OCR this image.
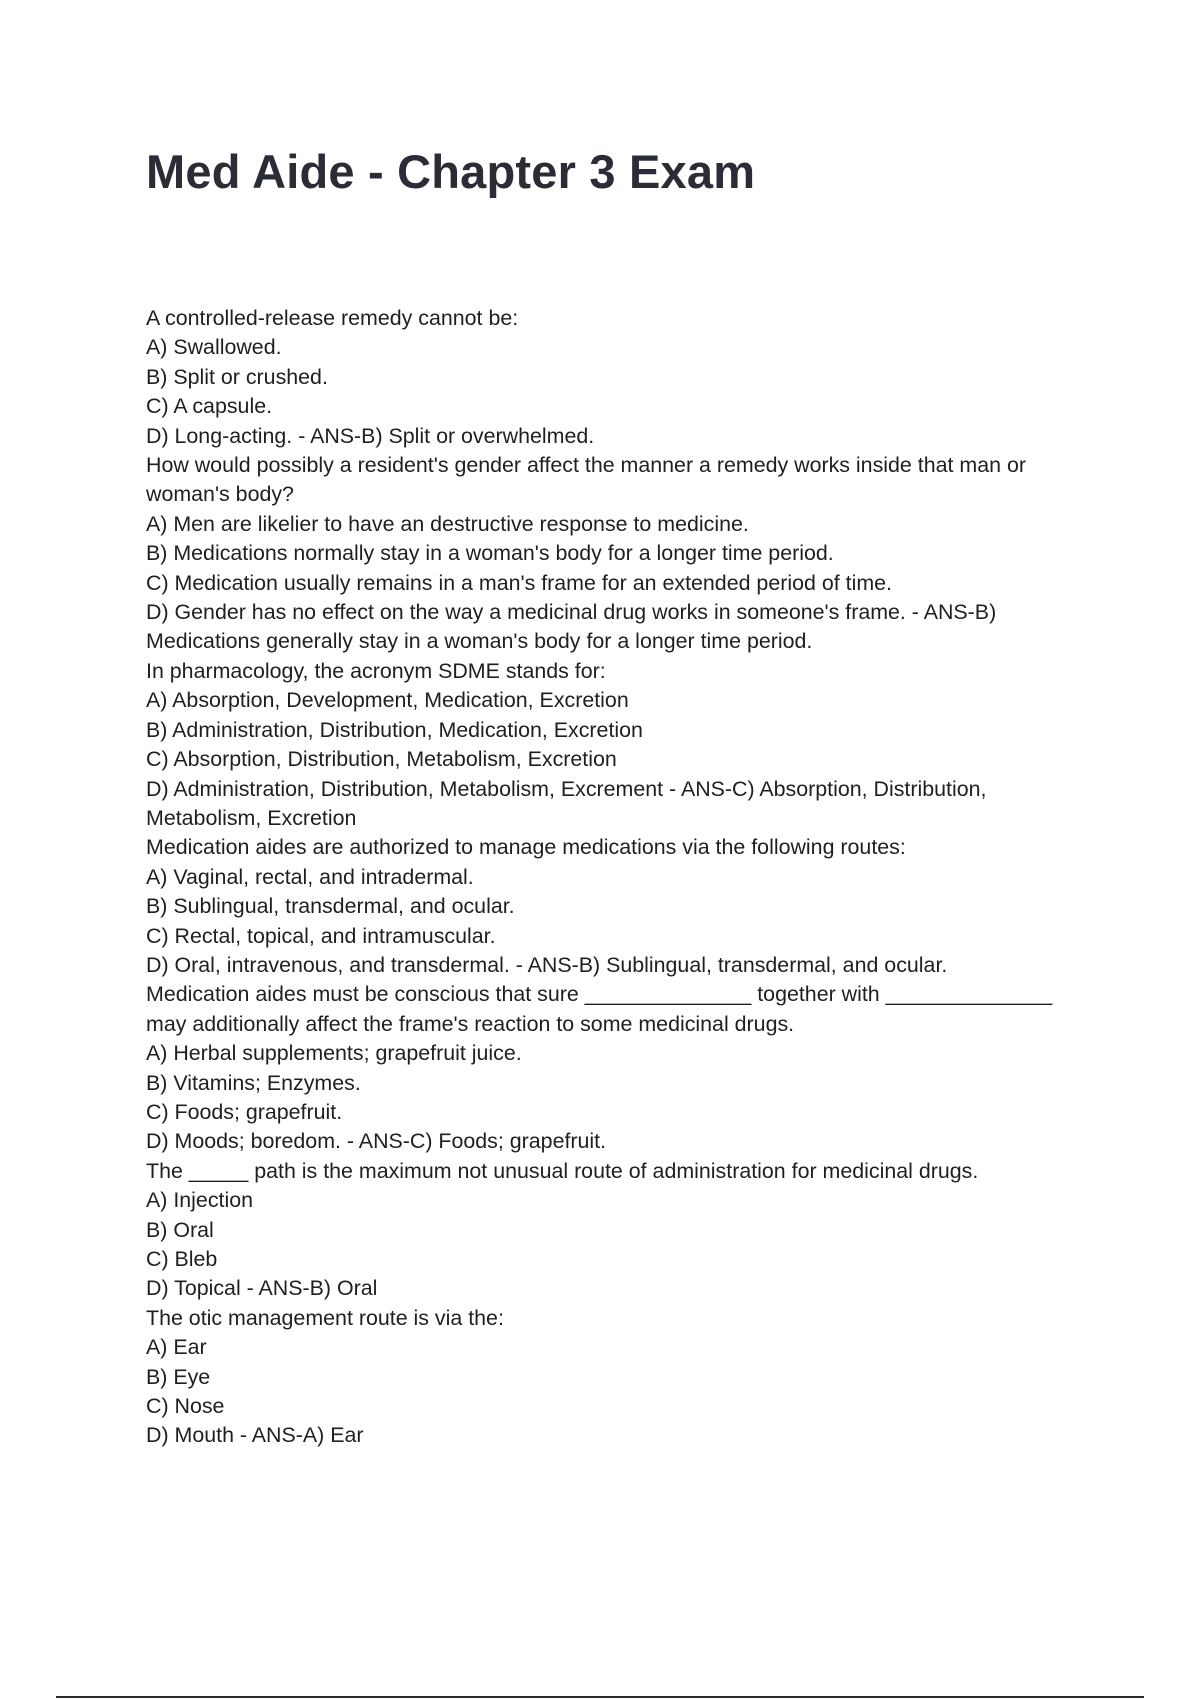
Med Aide - Chapter 3 Exam

A controlled-release remedy cannot be:

A) Swallowed.

B) Split or crushed.

C) A capsule.

D) Long-acting. - ANS-B) Split or overwhelmed.

How would possibly a resident's gender affect the manner a remedy works inside that man or woman's body?

A) Men are likelier to have an destructive response to medicine.

B) Medications normally stay in a woman's body for a longer time period.

C) Medication usually remains in a man's frame for an extended period of time.

D) Gender has no effect on the way a medicinal drug works in someone's frame. - ANS-B) Medications generally stay in a woman's body for a longer time period.

In pharmacology, the acronym SDME stands for:

A) Absorption, Development, Medication, Excretion

B) Administration, Distribution, Medication, Excretion

C) Absorption, Distribution, Metabolism, Excretion

D) Administration, Distribution, Metabolism, Excrement - ANS-C) Absorption, Distribution, Metabolism, Excretion

Medication aides are authorized to manage medications via the following routes:

A) Vaginal, rectal, and intradermal.

B) Sublingual, transdermal, and ocular.

C) Rectal, topical, and intramuscular.

D) Oral, intravenous, and transdermal. - ANS-B) Sublingual, transdermal, and ocular.

Medication aides must be conscious that sure ______________ together with ______________ may additionally affect the frame's reaction to some medicinal drugs.

A) Herbal supplements; grapefruit juice.

B) Vitamins; Enzymes.

C) Foods; grapefruit.

D) Moods; boredom. - ANS-C) Foods; grapefruit.

The _____ path is the maximum not unusual route of administration for medicinal drugs.

A) Injection

B) Oral

C) Bleb

D) Topical - ANS-B) Oral

The otic management route is via the:

A) Ear

B) Eye

C) Nose

D) Mouth - ANS-A) Ear
